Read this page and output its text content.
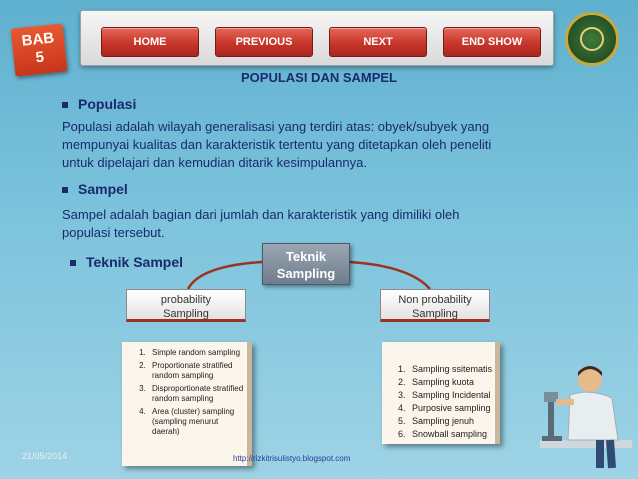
HOME	PREVIOUS	NEXT	END SHOW
BAB
5
POPULASI DAN SAMPEL
Populasi
Populasi adalah wilayah generalisasi yang terdiri atas: obyek/subyek yang
mempunyai kualitas dan karakteristik tertentu yang ditetapkan oleh peneliti
untuk dipelajari dan kemudian ditarik kesimpulannya.
Sampel
Sampel adalah bagian dari jumlah dan karakteristik yang dimiliki oleh
populasi tersebut.
Teknik Sampel	Teknik
Sampling
probability
Sampling
Non probability
Sampling
1. Simple random sampling
2. Proportionate stratified random sampling
3. Disproportionate stratified random sampling
4. Area (cluster) sampling (sampling menurut daerah)
1. Sampling ssitematis
2. Sampling kuota
3. Sampling Incidental
4. Purposive sampling
5. Sampling jenuh
6. Snowball sampling
21/05/2014	http://rizkitrisulistyo.blogspot.com
